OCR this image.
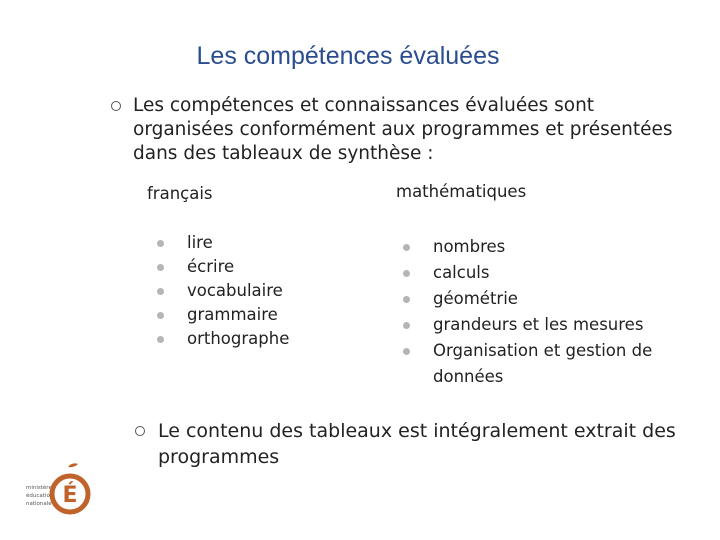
Les compétences évaluées
Les compétences et connaissances évaluées sont organisées conformément aux programmes et présentées dans des tableaux de synthèse :
français
lire
écrire
vocabulaire
grammaire
orthographe
mathématiques
nombres
calculs
géométrie
grandeurs et les mesures
Organisation et gestion de données
Le contenu des tableaux est intégralement extrait des programmes
ministère
éducation
nationale É
